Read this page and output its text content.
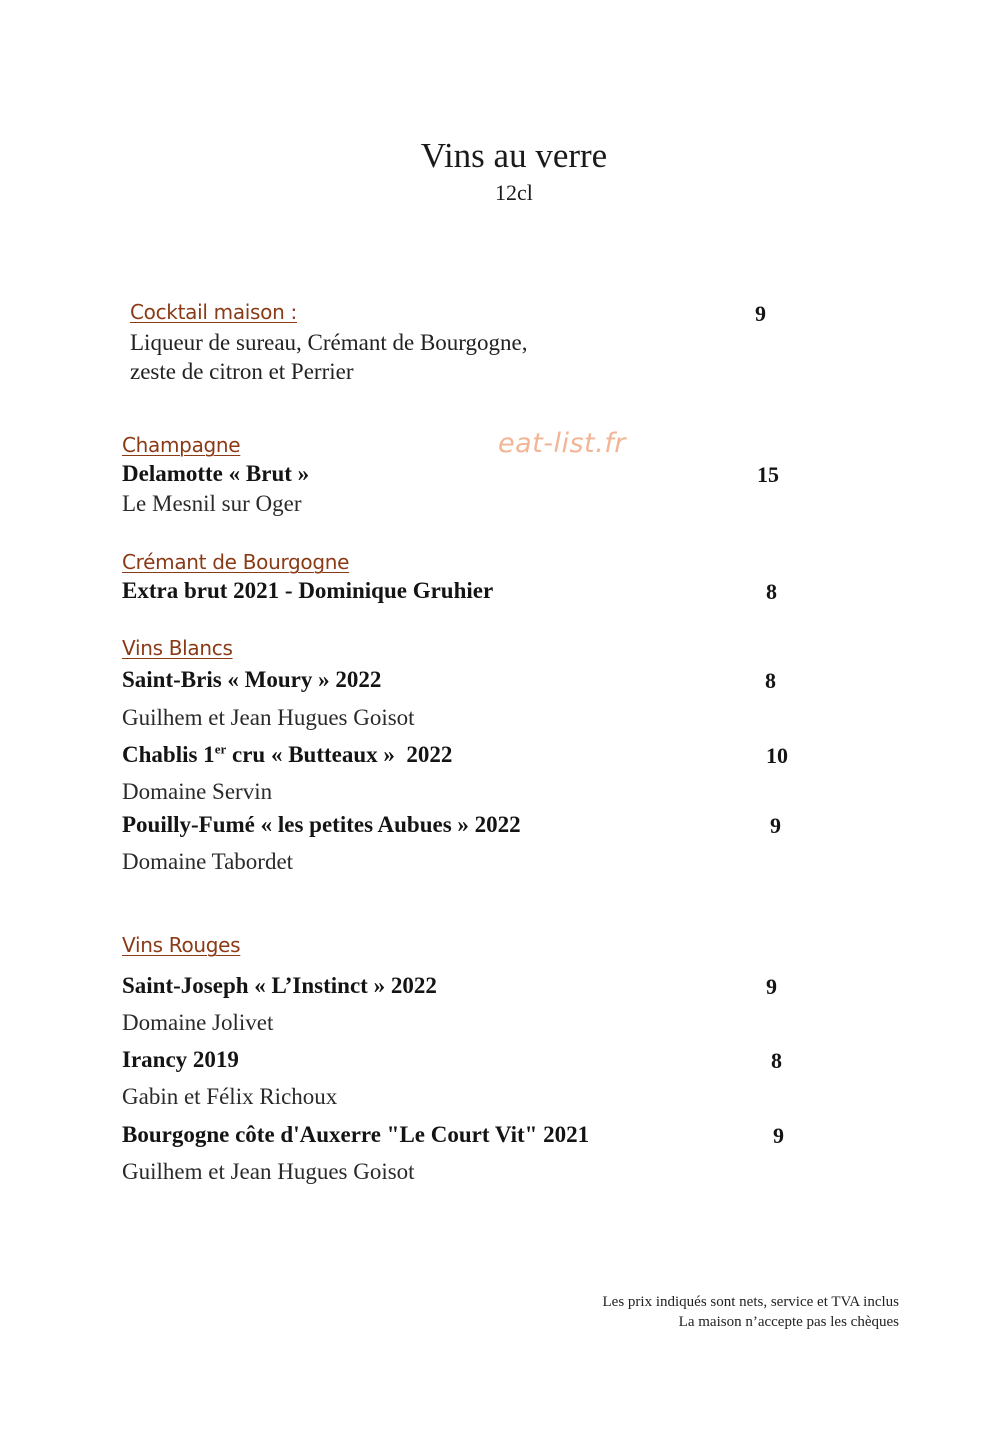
Vins au verre
12cl
Cocktail maison :	9
Liqueur de sureau, Crémant de Bourgogne,
zeste de citron et Perrier
Champagne	eat-list.fr
Delamotte « Brut »	15
Le Mesnil sur Oger
Crémant de Bourgogne
Extra brut 2021 - Dominique Gruhier	8
Vins Blancs
Saint-Bris « Moury » 2022	8
Guilhem et Jean Hugues Goisot
Chablis 1er cru « Butteaux »  2022	10
Domaine Servin
Pouilly-Fumé « les petites Aubues » 2022	9
Domaine Tabordet
Vins Rouges
Saint-Joseph « L’Instinct » 2022	9
Domaine Jolivet
Irancy 2019	8
Gabin et Félix Richoux
Bourgogne côte d'Auxerre "Le Court Vit" 2021	9
Guilhem et Jean Hugues Goisot
Les prix indiqués sont nets, service et TVA inclus
La maison n’accepte pas les chèques
